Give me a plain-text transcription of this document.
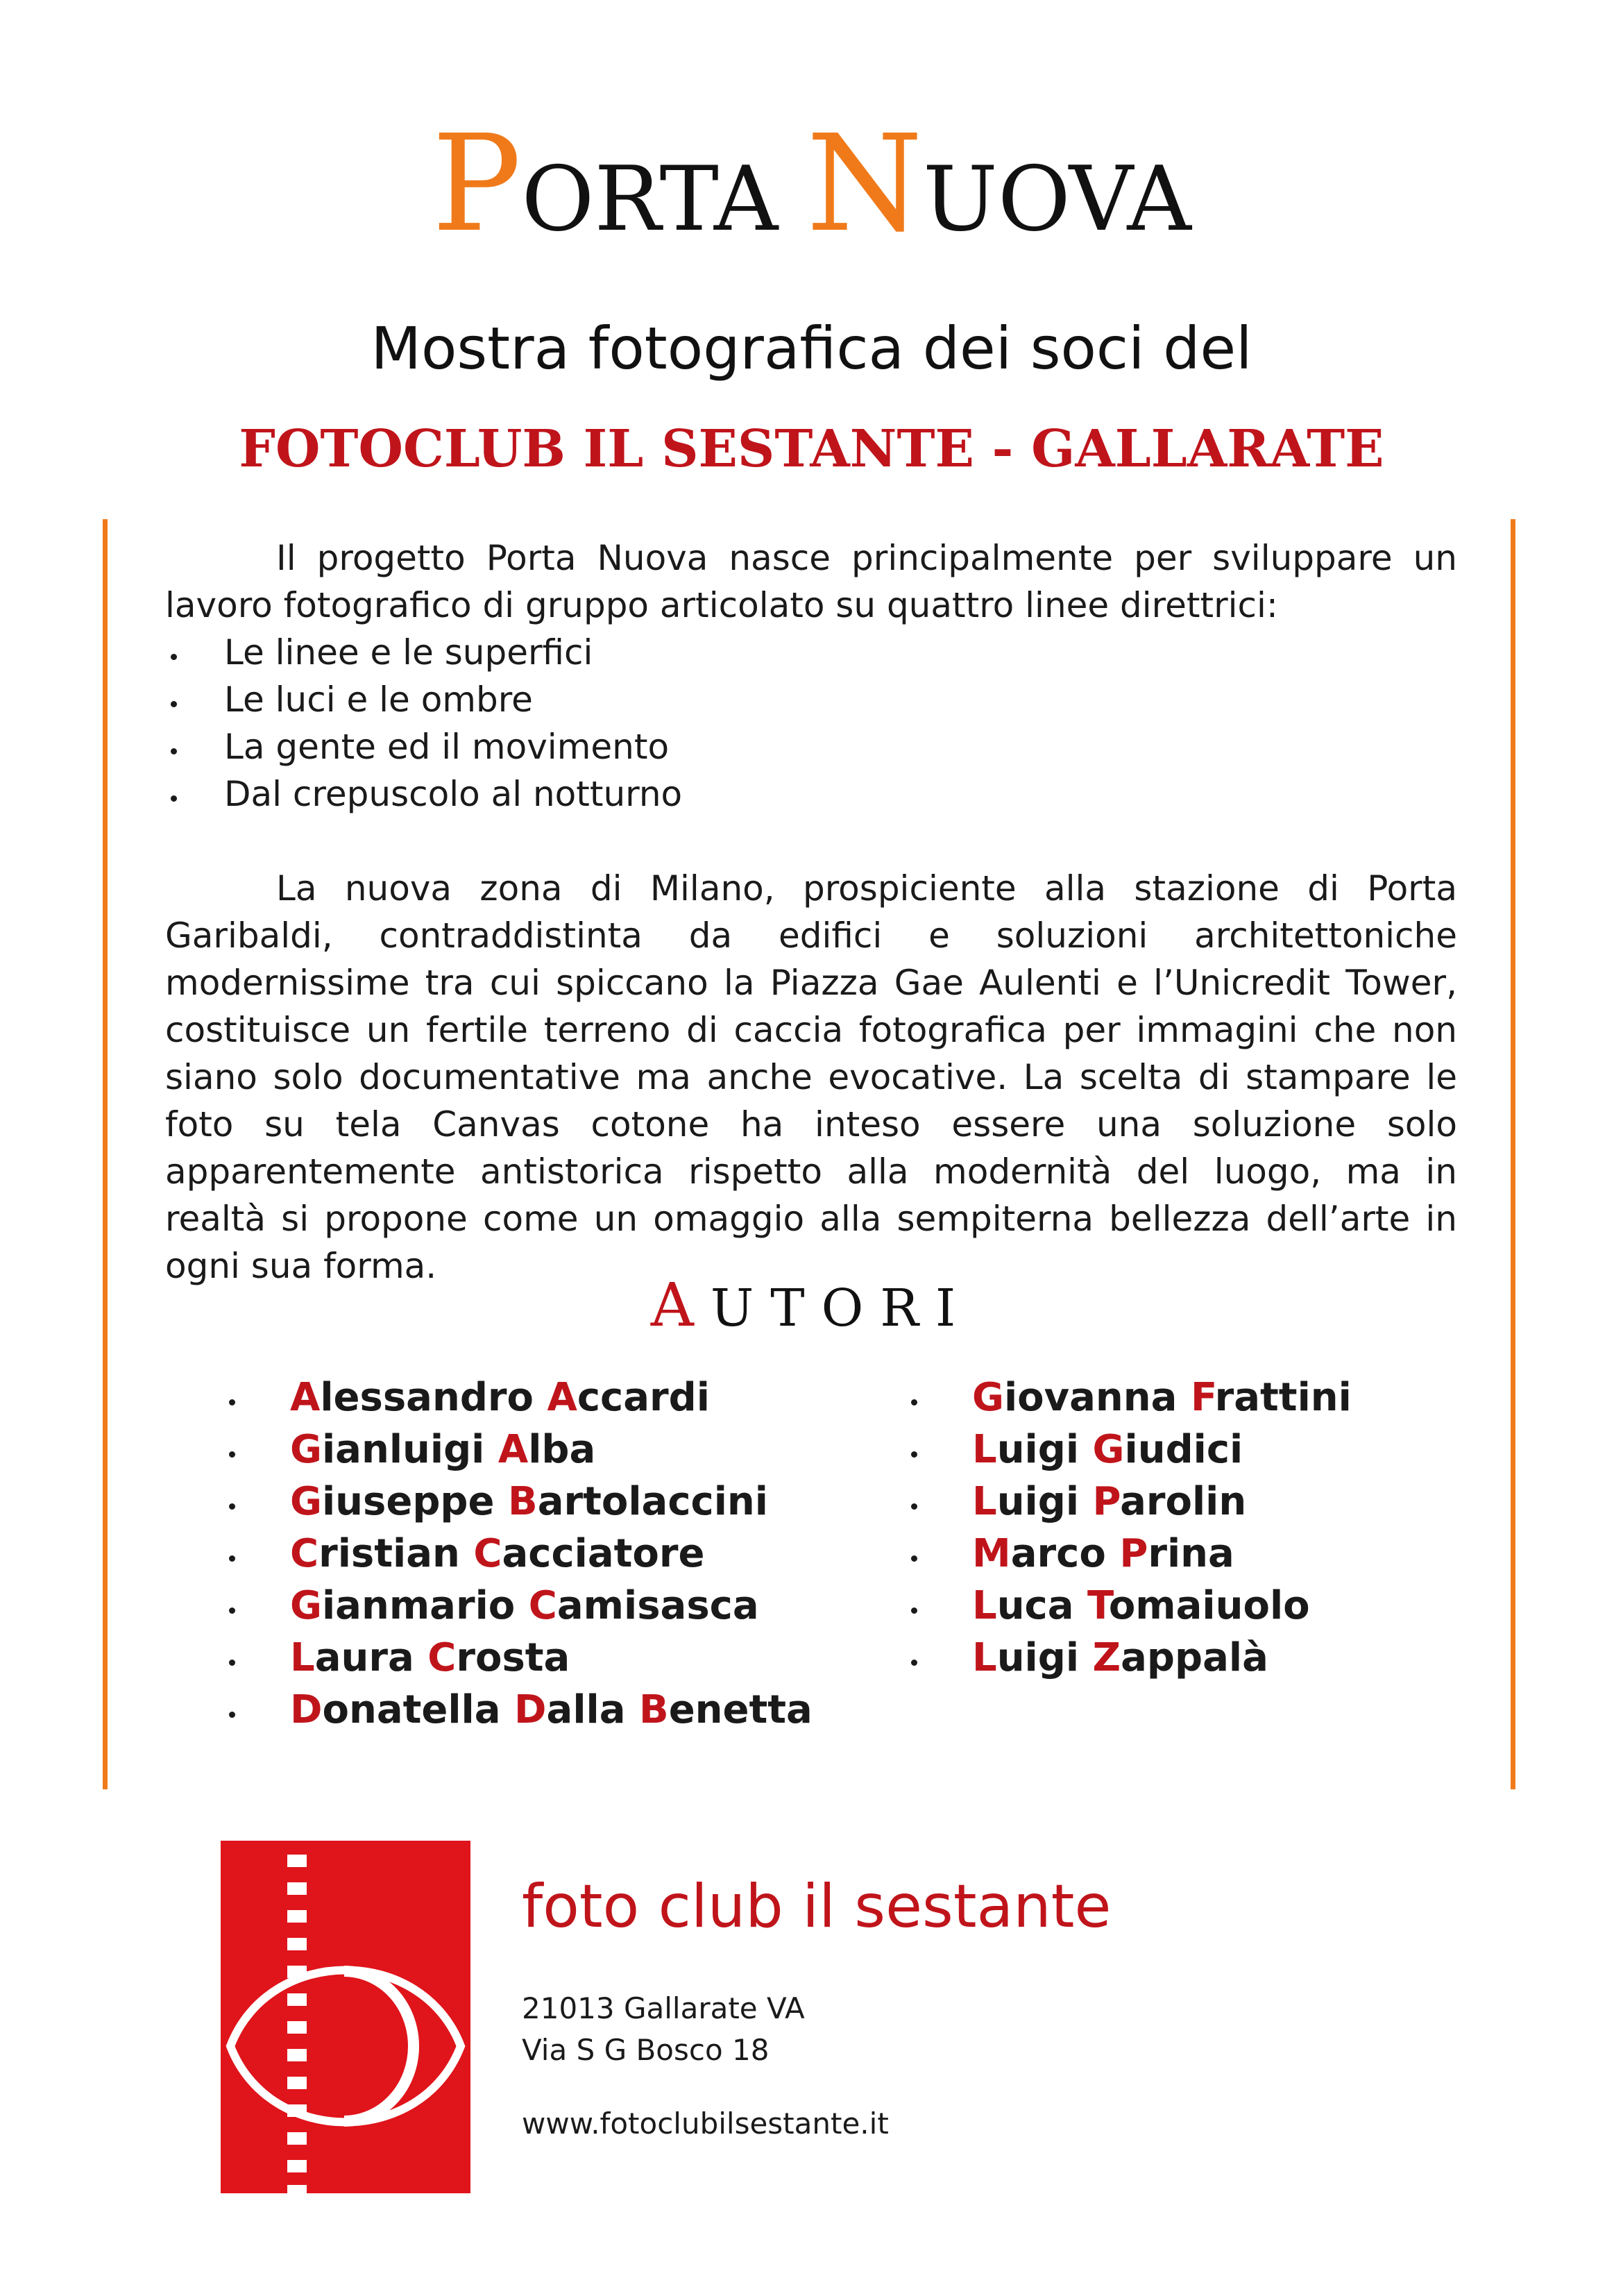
PORTA NUOVA
Mostra fotografica dei soci del
FOTOCLUB IL SESTANTE - GALLARATE

Il progetto Porta Nuova nasce principalmente per sviluppare un lavoro fotografico di gruppo articolato su quattro linee direttrici:

Le linee e le superfici
Le luci e le ombre
La gente ed il movimento
Dal crepuscolo al notturno

La nuova zona di Milano, prospiciente alla stazione di Porta Garibaldi, contraddistinta da edifici e soluzioni architettoniche modernissime tra cui spiccano la Piazza Gae Aulenti e l’Unicredit Tower, costituisce un fertile terreno di caccia fotografica per immagini che non siano solo documentative ma anche evocative. La scelta di stampare le foto su tela Canvas cotone ha inteso essere una soluzione solo apparentemente antistorica rispetto alla modernità del luogo, ma in realtà si propone come un omaggio alla sempiterna bellezza dell’arte in ogni sua forma.

AUTORI
Alessandro Accardi
Gianluigi Alba
Giuseppe Bartolaccini
Cristian Cacciatore
Gianmario Camisasca
Laura Crosta
Donatella Dalla Benetta
Giovanna Frattini
Luigi Giudici
Luigi Parolin
Marco Prina
Luca Tomaiuolo
Luigi Zappalà
foto club il sestante
21013 Gallarate VA
Via S G Bosco 18
www.fotoclubilsestante.it
